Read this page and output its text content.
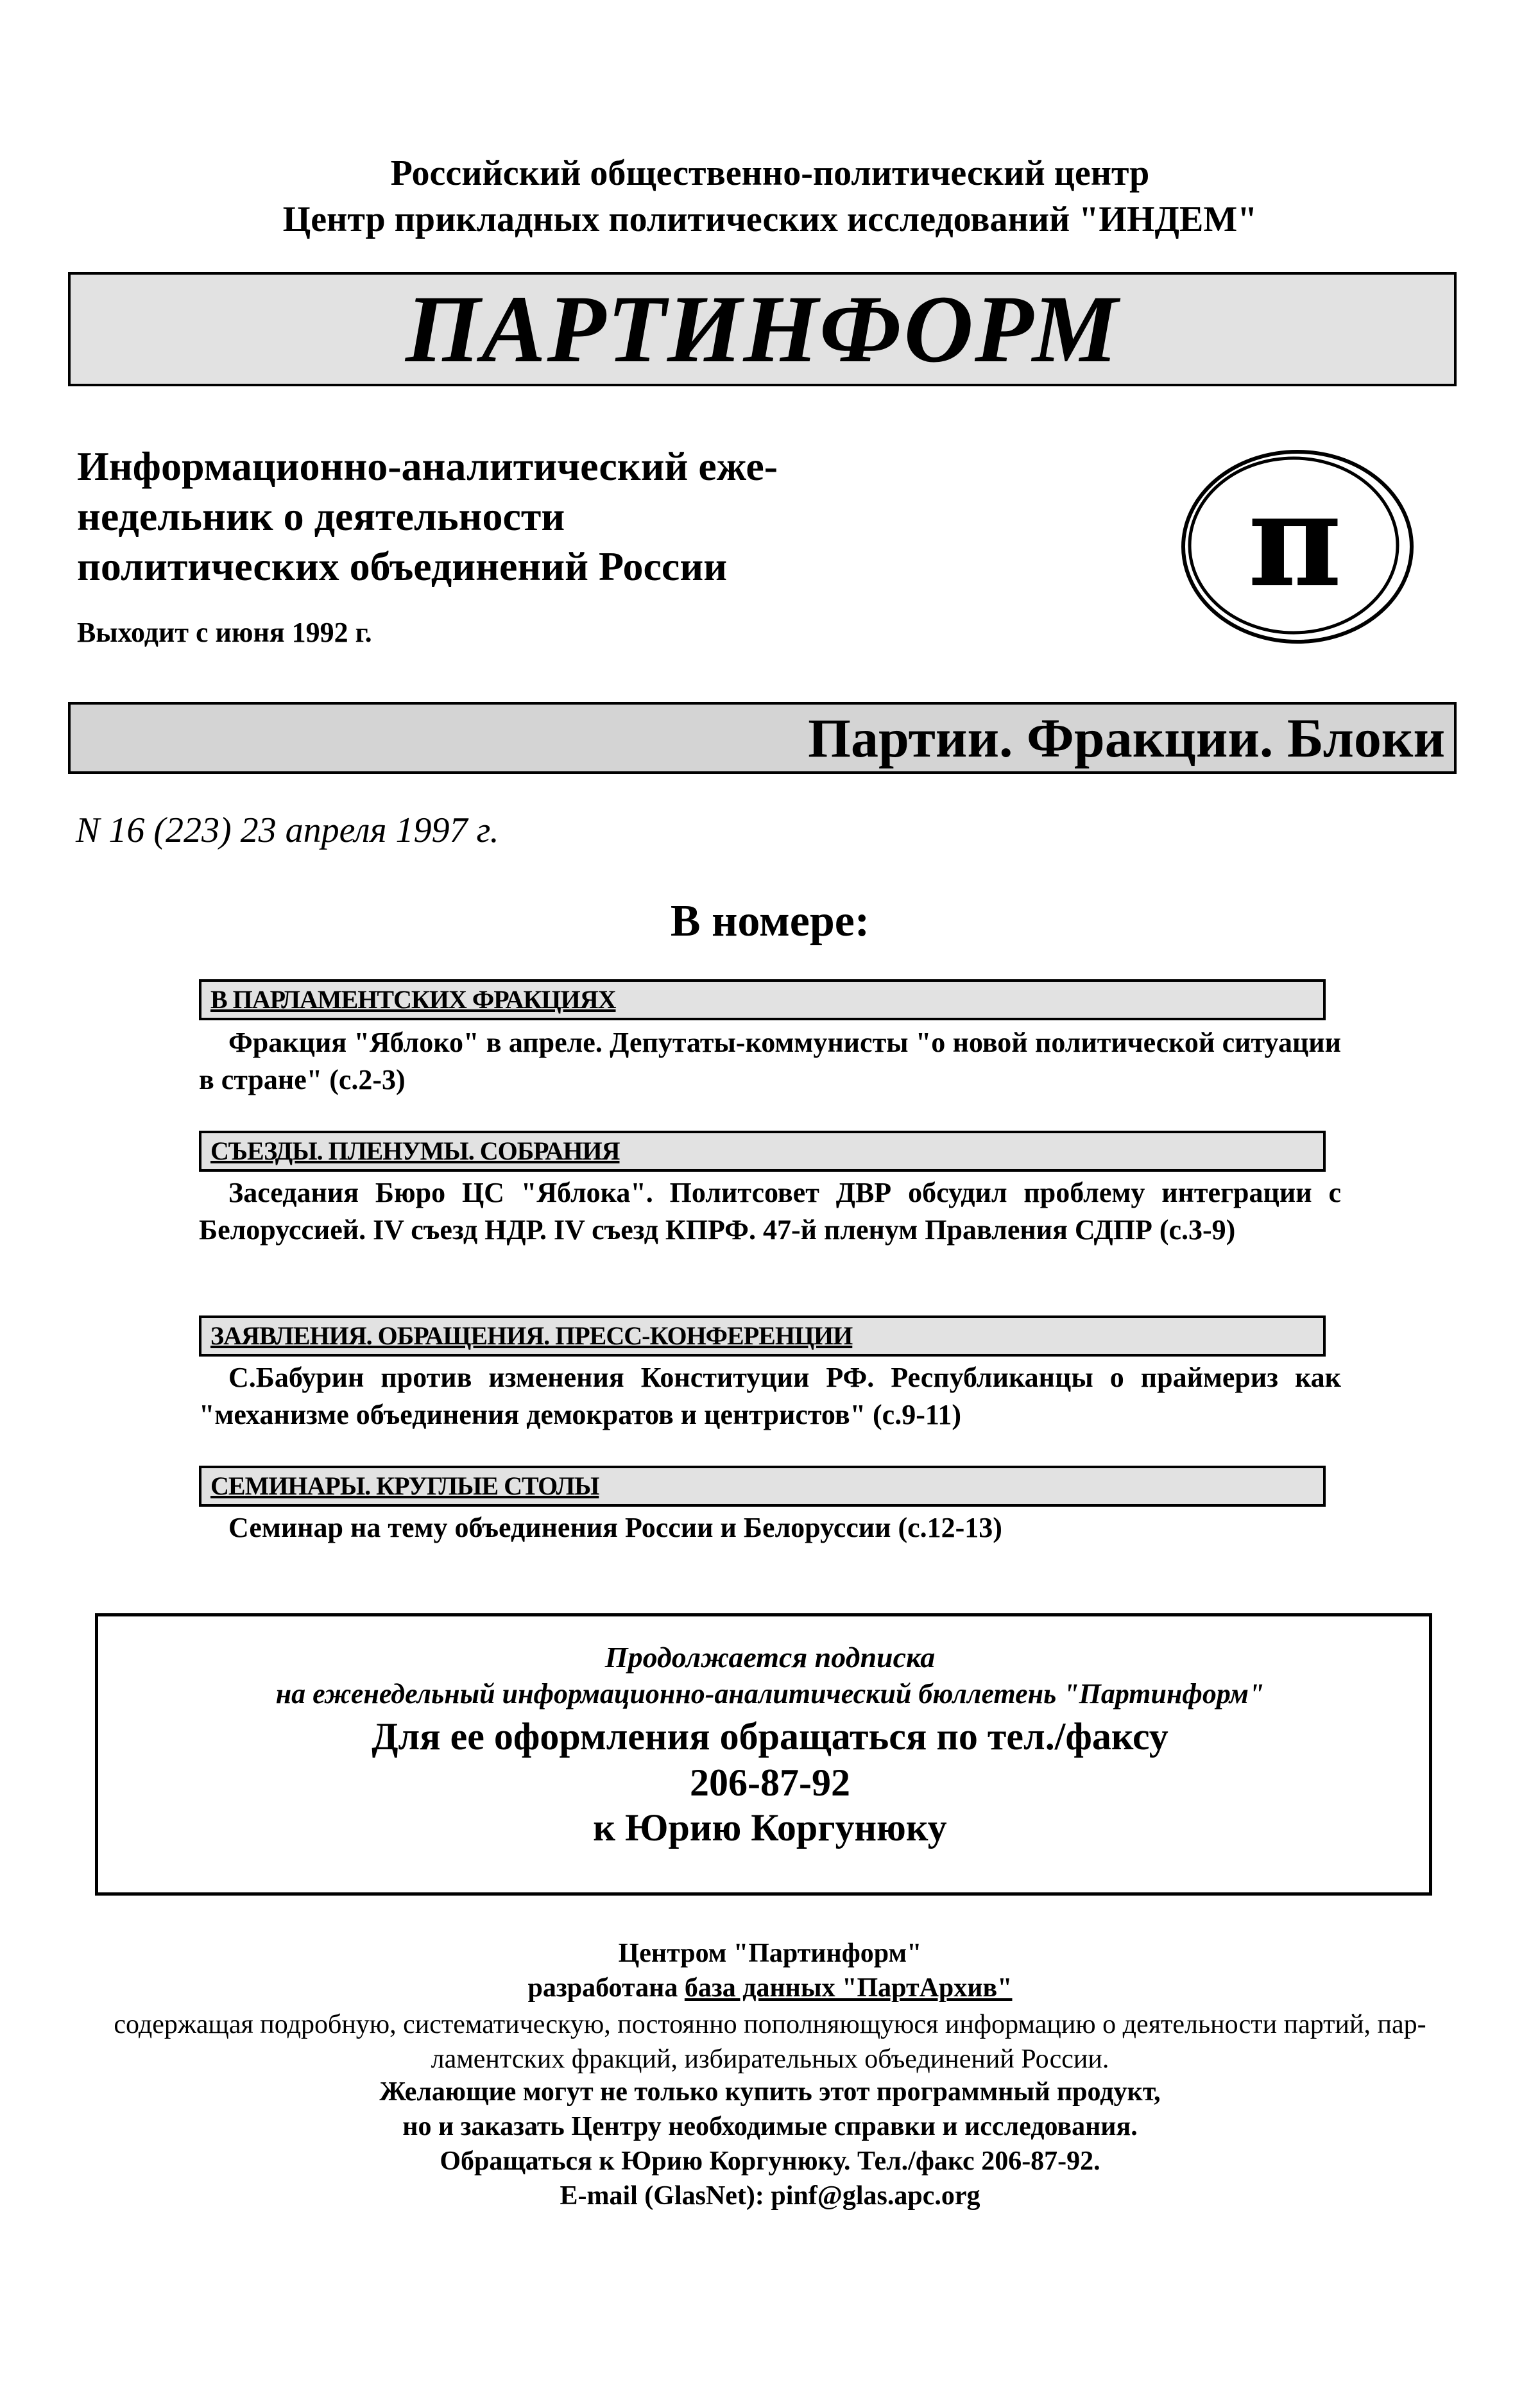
Российский общественно-политический центр
Центр прикладных политических исследований "ИНДЕМ"
ПАРТИНФОРМ
Информационно-аналитический еже-
недельник о деятельности
политических объединений России
Выходит с июня 1992 г.
π
Партии. Фракции. Блоки
N 16 (223) 23 апреля 1997 г.
В номере:
В ПАРЛАМЕНТСКИХ ФРАКЦИЯХ
Фракция "Яблоко" в апреле. Депутаты-коммунисты "о новой политической ситуации в стране" (с.2-3)
СЪЕЗДЫ. ПЛЕНУМЫ. СОБРАНИЯ
Заседания Бюро ЦС "Яблока". Политсовет ДВР обсудил проблему интеграции с Белоруссией. IV съезд НДР. IV съезд КПРФ. 47-й пленум Правления СДПР (с.3-9)
ЗАЯВЛЕНИЯ. ОБРАЩЕНИЯ. ПРЕСС-КОНФЕРЕНЦИИ
С.Бабурин против изменения Конституции РФ. Республиканцы о праймериз как "механизме объединения демократов и центристов" (с.9-11)
СЕМИНАРЫ. КРУГЛЫЕ СТОЛЫ
Семинар на тему объединения России и Белоруссии (с.12-13)
Продолжается подписка
на еженедельный информационно-аналитический бюллетень "Партинформ"
Для ее оформления обращаться по тел./факсу
206-87-92
к Юрию Коргунюку
Центром "Партинформ"
разработана база данных "ПартАрхив"
содержащая подробную, систематическую, постоянно пополняющуюся информацию о деятельности партий, пар-ламентских фракций, избирательных объединений России.
Желающие могут не только купить этот программный продукт,
но и заказать Центру необходимые справки и исследования.
Обращаться к Юрию Коргунюку. Тел./факс 206-87-92.
E-mail (GlasNet): pinf@glas.apc.org
